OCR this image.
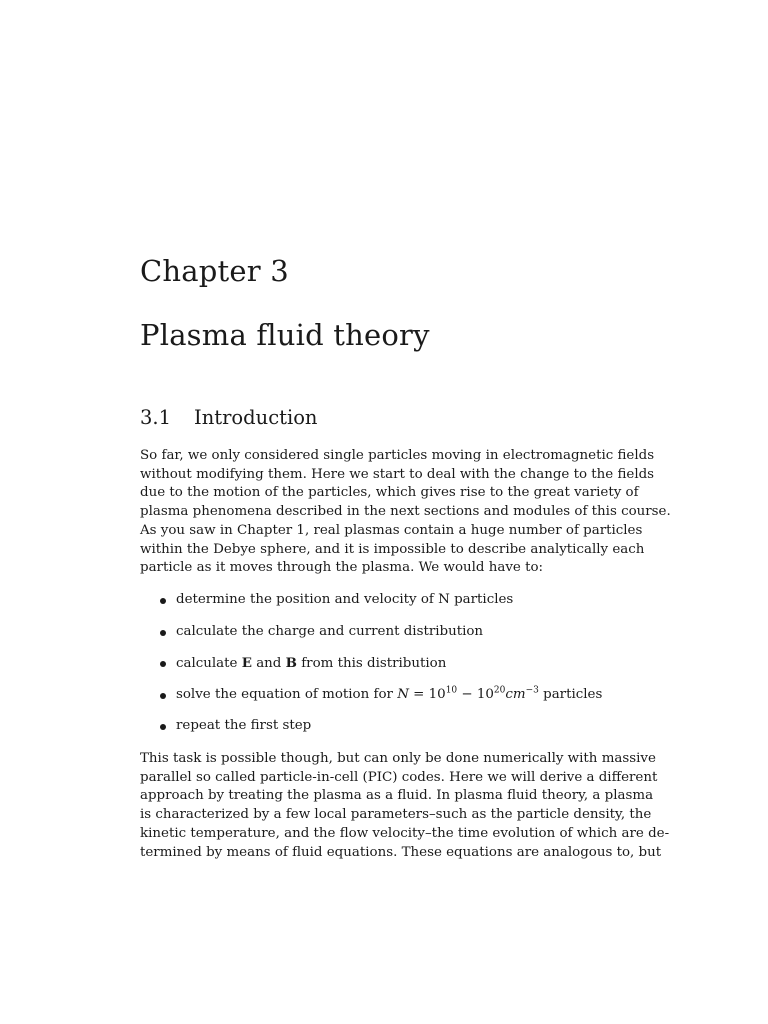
Chapter 3
Plasma fluid theory
3.1 Introduction
So far, we only considered single particles moving in electromagnetic fields
without modifying them. Here we start to deal with the change to the fields
due to the motion of the particles, which gives rise to the great variety of
plasma phenomena described in the next sections and modules of this course.
As you saw in Chapter 1, real plasmas contain a huge number of particles
within the Debye sphere, and it is impossible to describe analytically each
particle as it moves through the plasma. We would have to:
determine the position and velocity of N particles
calculate the charge and current distribution
calculate E and B from this distribution
solve the equation of motion for $N = 10^{10} - 10^{20}cm^{-3}$ particles
repeat the first step
This task is possible though, but can only be done numerically with massive
parallel so called particle-in-cell (PIC) codes. Here we will derive a different
approach by treating the plasma as a fluid. In plasma fluid theory, a plasma
is characterized by a few local parameters–such as the particle density, the
kinetic temperature, and the flow velocity–the time evolution of which are de-
termined by means of fluid equations. These equations are analogous to, but
